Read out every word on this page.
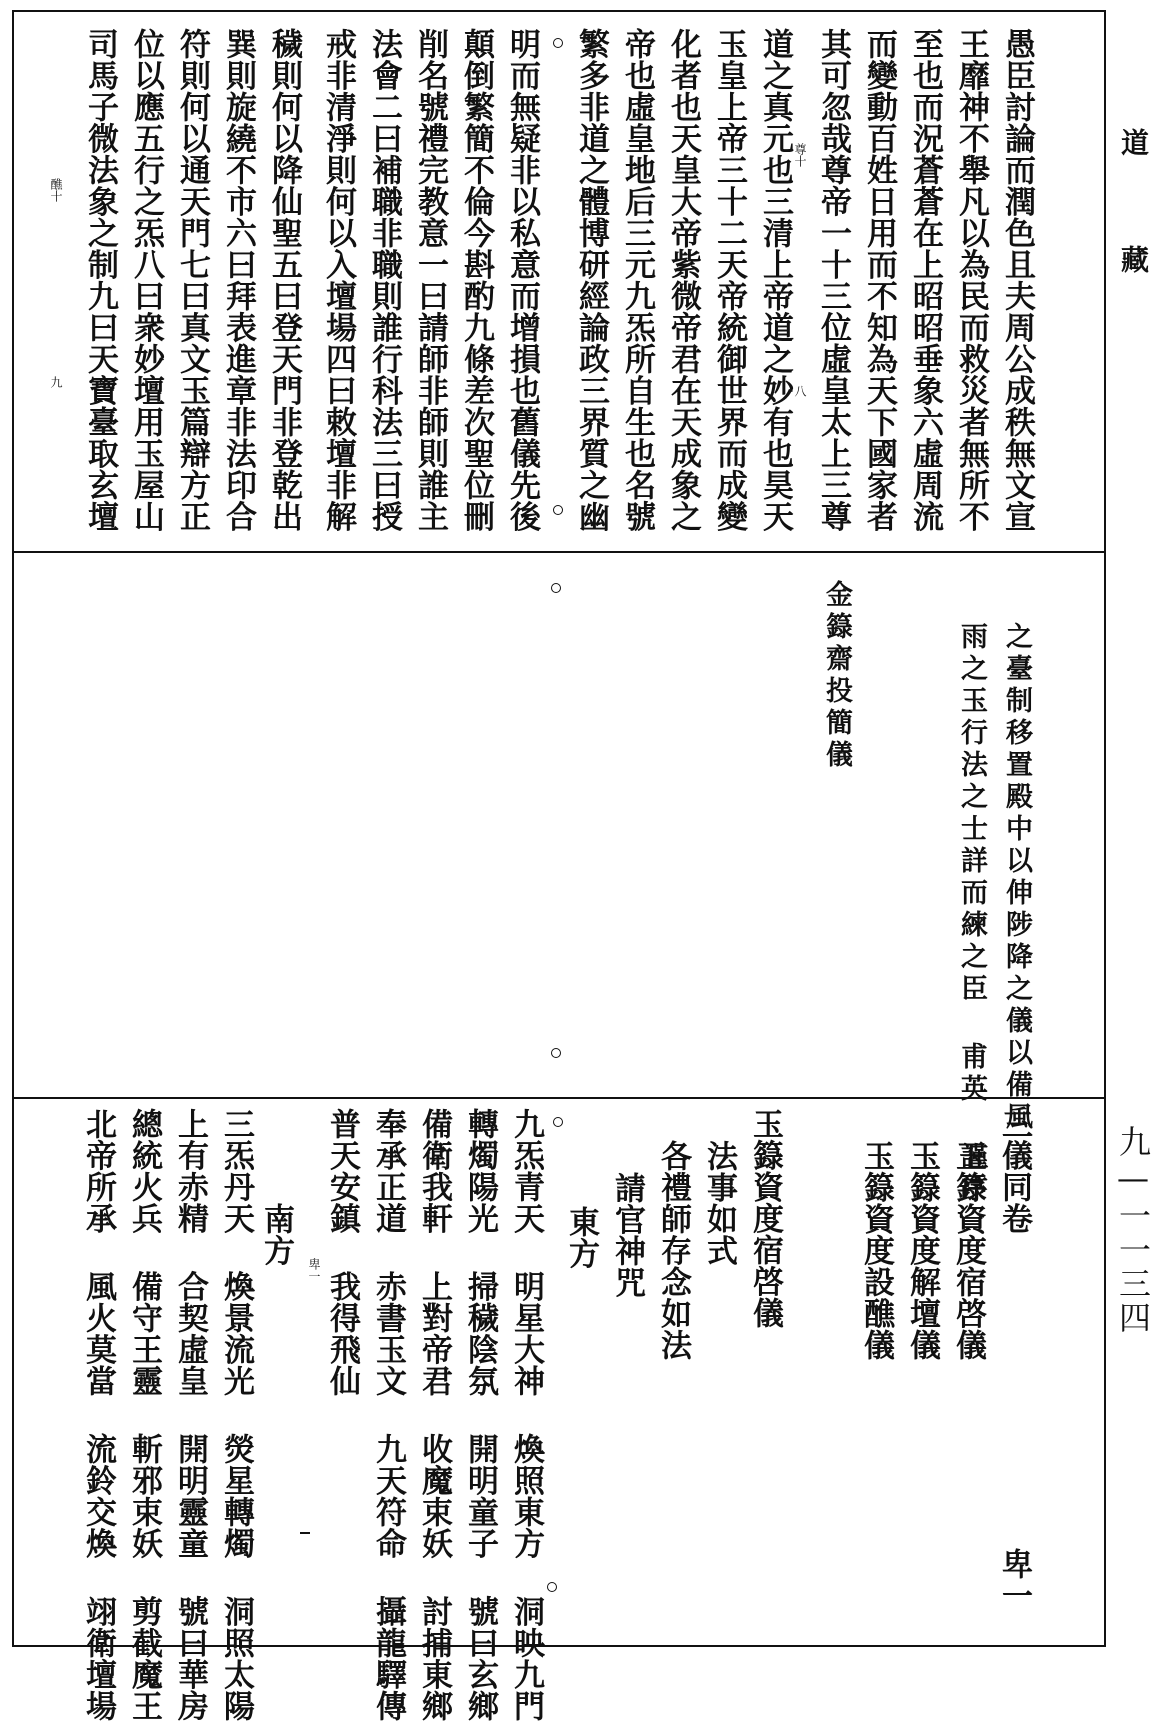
道
藏
九—一一三四
愚臣討論而潤色且夫周公成秩無文宣
王靡神不舉凡以為民而救災者無所不
至也而況蒼蒼在上昭昭垂象六虛周流
而變動百姓日用而不知為天下國家者
其可忽哉尊帝一十三位虛皇太上三尊
尊十
八
道之真元也三清上帝道之妙有也昊天
玉皇上帝三十二天帝統御世界而成變
化者也天皇大帝紫微帝君在天成象之
帝也虛皇地后三元九炁所自生也名號
繁多非道之體博研經論政三界質之幽
明而無疑非以私意而增損也舊儀先後
顛倒繁簡不倫今斟酌九條差次聖位刪
削名號禮完教意一曰請師非師則誰主
法會二曰補職非職則誰行科法三曰授
戒非清淨則何以入壇場四曰敕壇非解
穢則何以降仙聖五曰登天門非登乾出
巽則旋繞不市六曰拜表進章非法印合
符則何以通天門七曰真文玉篇辯方正
位以應五行之炁八曰衆妙壇用玉屋山
司馬子微法象之制九曰天寶臺取玄壇
醮十
九
之臺制移置殿中以伸陟降之儀以備風
雨之玉行法之士詳而練之臣 甫英 謹序
金籙齋投簡儀
三儀同卷
玉籙資度宿啓儀
玉籙資度解壇儀
玉籙資度設醮儀
卑一
玉籙資度宿啓儀
法事如式
各禮師存念如法
請官神咒
東方
九炁青天 明星大神 煥照東方 洞映九門
轉燭陽光 掃穢陰氛 開明童子 號曰玄鄉
備衛我軒 上對帝君 收魔束妖 討捕東鄉
奉承正道 赤書玉文 九天符命 攝龍驛傳
普天安鎮 我得飛仙
卑一
南方
三炁丹天 煥景流光 熒星轉燭 洞照太陽
上有赤精 合契虛皇 開明靈童 號曰華房
總統火兵 備守王靈 斬邪束妖 剪截魔王
北帝所承 風火莫當 流鈴交煥 翊衛壇場
